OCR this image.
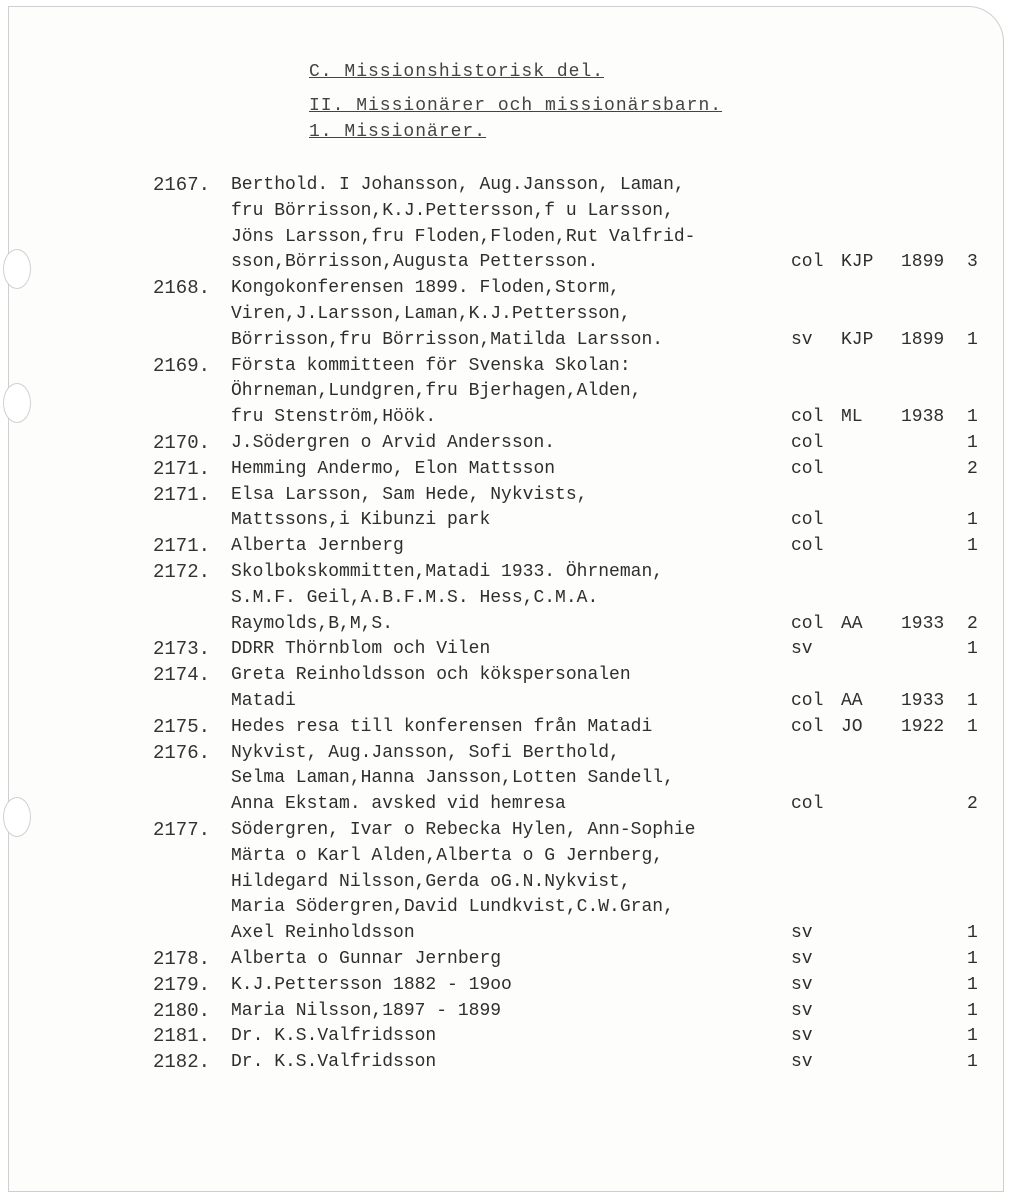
C. Missionshistorisk del.
II. Missionärer och missionärsbarn.
1. Missionärer.
2167. Berthold. I Johansson, Aug.Jansson, Laman,
fru Börrisson,K.J.Pettersson,f u Larsson,
Jöns Larsson,fru Floden,Floden,Rut Valfrid-
sson,Börrisson,Augusta Pettersson.	col KJP 1899 3
2168. Kongokonferensen 1899. Floden,Storm,
Viren,J.Larsson,Laman,K.J.Pettersson,
Börrisson,fru Börrisson,Matilda Larsson.	sv KJP 1899 1
2169. Första kommitteen för Svenska Skolan:
Öhrneman,Lundgren,fru Bjerhagen,Alden,
fru Stenström,Höök.	col ML 1938 1
2170. J.Södergren o Arvid Andersson.	col	1
2171. Hemming Andermo, Elon Mattsson	col	2
2171. Elsa Larsson, Sam Hede, Nykvists,
Mattssons,i Kibunzi park	col	1
2171. Alberta Jernberg	col	1
2172. Skolbokskommitten,Matadi 1933. Öhrneman,
S.M.F. Geil,A.B.F.M.S. Hess,C.M.A.
Raymolds,B,M,S.	col AA 1933 2
2173. DDRR Thörnblom och Vilen	sv	1
2174. Greta Reinholdsson och kökspersonalen
Matadi	col AA 1933 1
2175. Hedes resa till konferensen från Matadi	col JO 1922 1
2176. Nykvist, Aug.Jansson, Sofi Berthold,
Selma Laman,Hanna Jansson,Lotten Sandell,
Anna Ekstam. avsked vid hemresa	col	2
2177. Södergren, Ivar o Rebecka Hylen, Ann-Sophie
Märta o Karl Alden,Alberta o G Jernberg,
Hildegard Nilsson,Gerda oG.N.Nykvist,
Maria Södergren,David Lundkvist,C.W.Gran,
Axel Reinholdsson	sv	1
2178. Alberta o Gunnar Jernberg	sv	1
2179. K.J.Pettersson 1882 - 19oo	sv	1
2180. Maria Nilsson,1897 - 1899	sv	1
2181. Dr. K.S.Valfridsson	sv	1
2182. Dr. K.S.Valfridsson	sv	1
